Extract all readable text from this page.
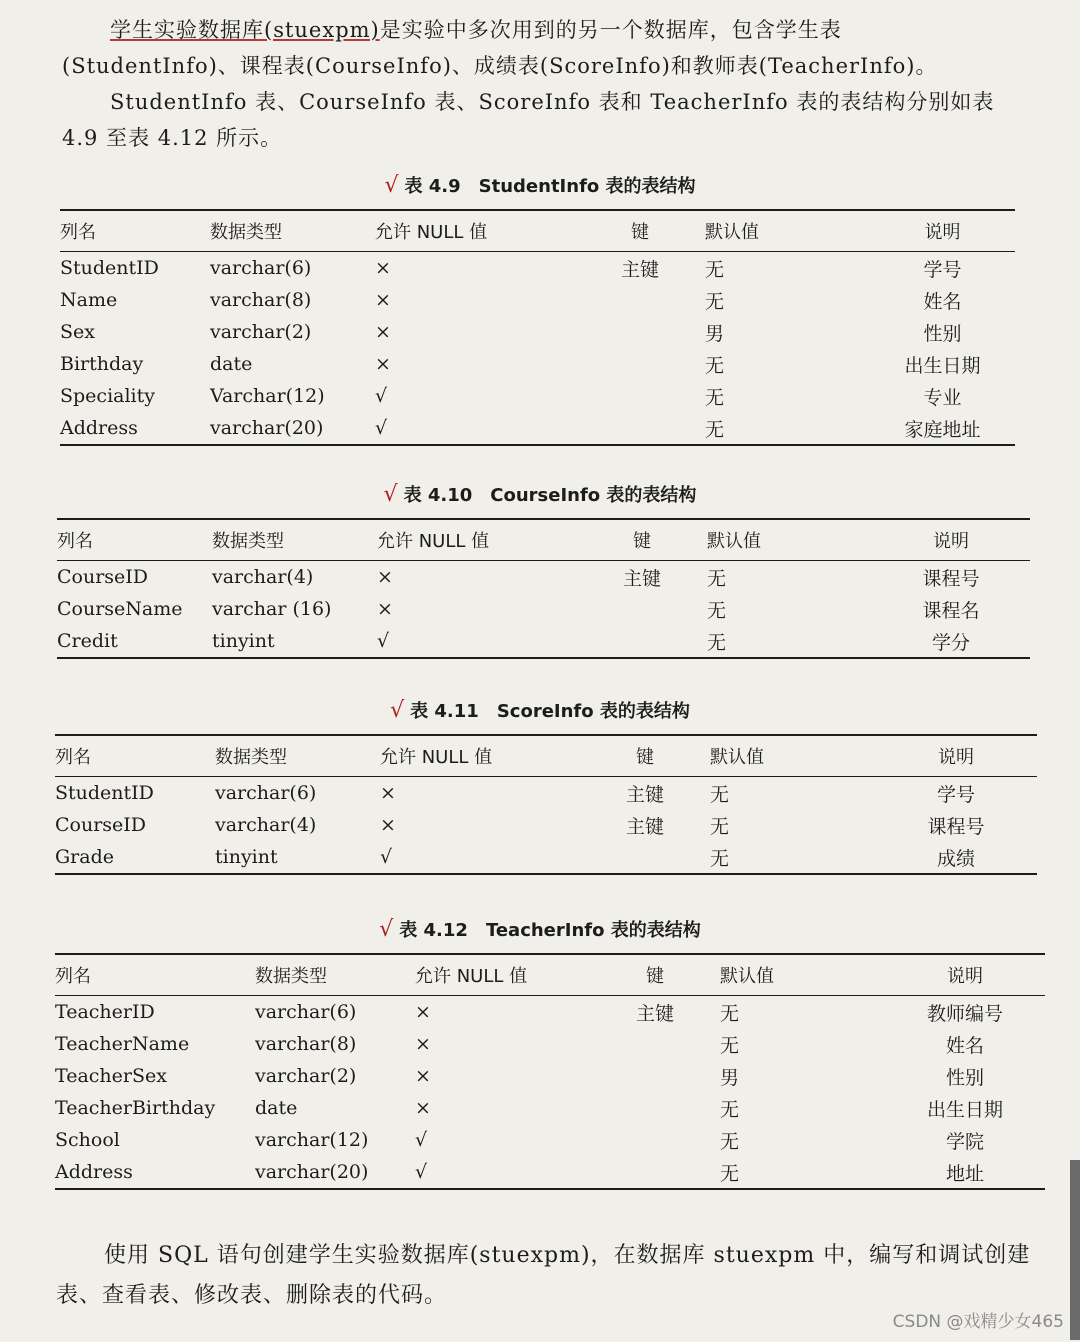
学生实验数据库(stuexpm)是实验中多次用到的另一个数据库，包含学生表(StudentInfo)、课程表(CourseInfo)、成绩表(ScoreInfo)和教师表(TeacherInfo)。
StudentInfo 表、CourseInfo 表、ScoreInfo 表和 TeacherInfo 表的表结构分别如表 4.9 至表 4.12 所示。
√ 表 4.9 StudentInfo 表的表结构
列名	数据类型	允许 NULL 值	键	默认值	说明
StudentID	varchar(6)	×	主键	无	学号
Name	varchar(8)	×		无	姓名
Sex	varchar(2)	×		男	性别
Birthday	date	×		无	出生日期
Speciality	Varchar(12)	√		无	专业
Address	varchar(20)	√		无	家庭地址
√ 表 4.10 CourseInfo 表的表结构
列名	数据类型	允许 NULL 值	键	默认值	说明
CourseID	varchar(4)	×	主键	无	课程号
CourseName	varchar (16)	×		无	课程名
Credit	tinyint	√		无	学分
√ 表 4.11 ScoreInfo 表的表结构
列名	数据类型	允许 NULL 值	键	默认值	说明
StudentID	varchar(6)	×	主键	无	学号
CourseID	varchar(4)	×	主键	无	课程号
Grade	tinyint	√		无	成绩
√ 表 4.12 TeacherInfo 表的表结构
列名	数据类型	允许 NULL 值	键	默认值	说明
TeacherID	varchar(6)	×	主键	无	教师编号
TeacherName	varchar(8)	×		无	姓名
TeacherSex	varchar(2)	×		男	性别
TeacherBirthday	date	×		无	出生日期
School	varchar(12)	√		无	学院
Address	varchar(20)	√		无	地址
使用 SQL 语句创建学生实验数据库(stuexpm)，在数据库 stuexpm 中，编写和调试创建表、查看表、修改表、删除表的代码。
CSDN @戏精少女465
